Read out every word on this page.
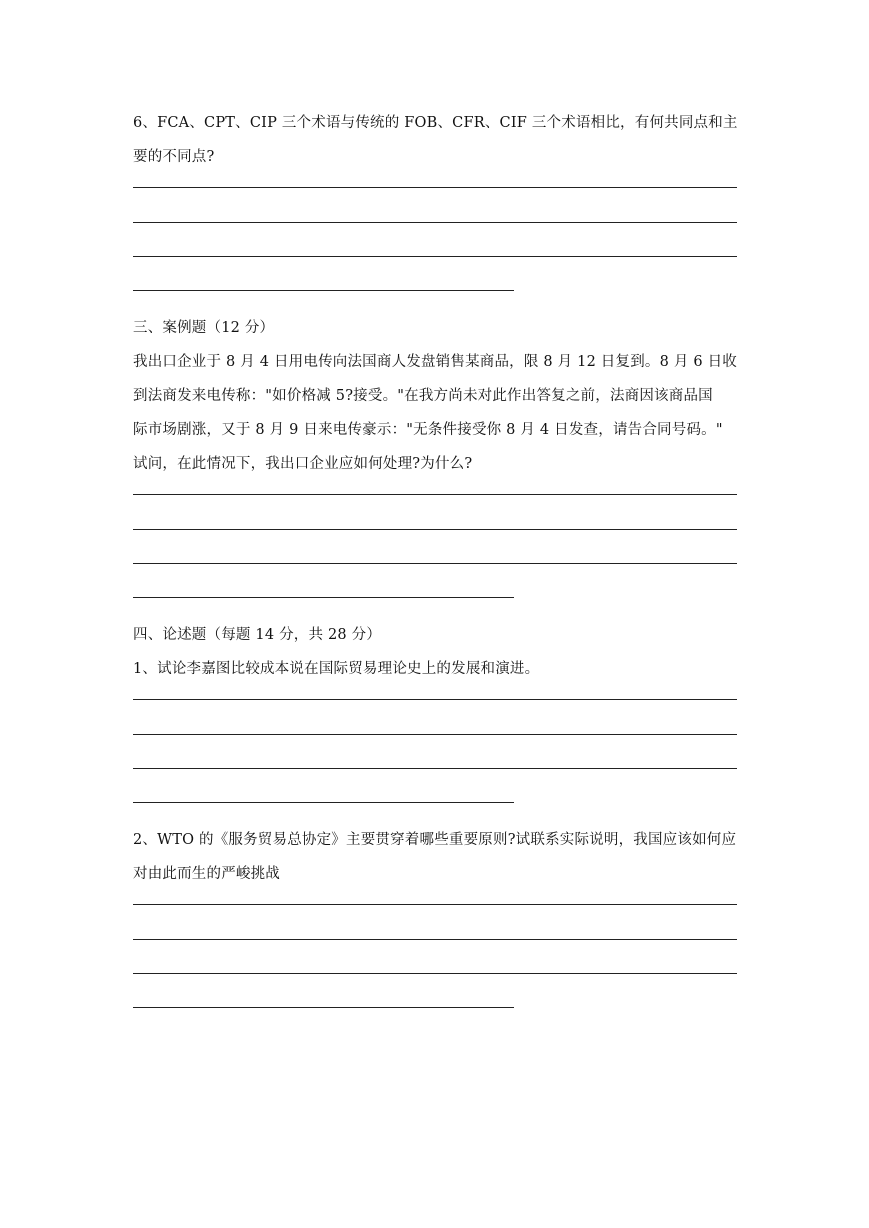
6、FCA、CPT、CIP 三个术语与传统的 FOB、CFR、CIF 三个术语相比，有何共同点和主
要的不同点?
三、案例题（12 分）
我出口企业于 8 月 4 日用电传向法国商人发盘销售某商品，限 8 月 12 日复到。8 月 6 日收
到法商发来电传称："如价格减 5?接受。"在我方尚未对此作出答复之前，法商因该商品国
际市场剧涨，又于 8 月 9 日来电传豪示："无条件接受你 8 月 4 日发查，请告合同号码。"
试问，在此情况下，我出口企业应如何处理?为什么?
四、论述题（每题 14 分，共 28 分）
1、试论李嘉图比较成本说在国际贸易理论史上的发展和演进。
2、WTO 的《服务贸易总协定》主要贯穿着哪些重要原则?试联系实际说明，我国应该如何应
对由此而生的严峻挑战
